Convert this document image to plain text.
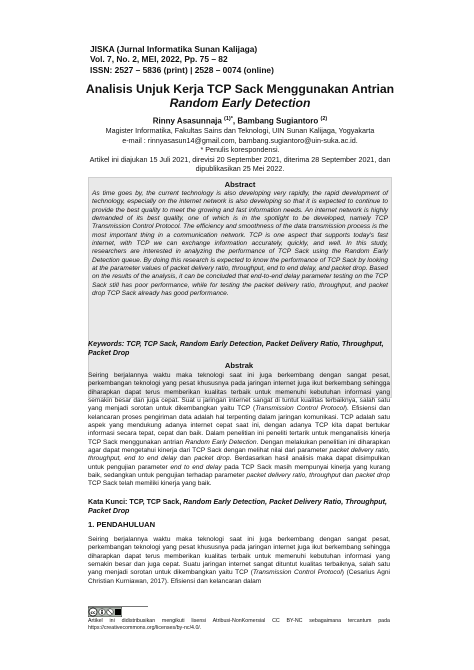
JISKA (Jurnal Informatika Sunan Kalijaga)
Vol. 7, No. 2, MEI, 2022, Pp. 75 – 82
ISSN: 2527 – 5836 (print) | 2528 – 0074 (online)
Analisis Unjuk Kerja TCP Sack Menggunakan Antrian Random Early Detection
Rinny Asasunnaja $^{(1)*}$, Bambang Sugiantoro $^{(2)}$
Magister Informatika, Fakultas Sains dan Teknologi, UIN Sunan Kalijaga, Yogyakarta
e-mail : rinnyasasun14@gmail.com, bambang.sugiantoro@uin-suka.ac.id.
* Penulis korespondensi.
Artikel ini diajukan 15 Juli 2021, direvisi 20 September 2021, diterima 28 September 2021, dan
dipublikasikan 25 Mei 2022.
Abstract
As time goes by, the current technology is also developing very rapidly, the rapid development of technology, especially on the internet network is also developing so that it is expected to continue to provide the best quality to meet the growing and fast information needs. An internet network is highly demanded of its best quality, one of which is in the spotlight to be developed, namely TCP Transmission Control Protocol. The efficiency and smoothness of the data transmission process is the most important thing in a communication network. TCP is one aspect that supports today's fast internet, with TCP we can exchange information accurately, quickly, and well. In this study, researchers are interested in analyzing the performance of TCP Sack using the Random Early Detection queue. By doing this research is expected to know the performance of TCP Sack by looking at the parameter values of packet delivery ratio, throughput, end to end delay, and packet drop. Based on the results of the analysis, it can be concluded that end-to-end delay parameter testing on the TCP Sack still has poor performance, while for testing the packet delivery ratio, throughput, and packet drop TCP Sack already has good performance.
Keywords: TCP, TCP Sack, Random Early Detection, Packet Delivery Ratio, Throughput, Packet Drop
Abstrak
Seiring berjalannya waktu maka teknologi saat ini juga berkembang dengan sangat pesat, perkembangan teknologi yang pesat khususnya pada jaringan internet juga ikut berkembang sehingga diharapkan dapat terus memberikan kualitas terbaik untuk memenuhi kebutuhan informasi yang semakin besar dan juga cepat. Suat u jaringan internet sangat di tuntut kualitas terbaiknya, salah satu yang menjadi sorotan untuk dikembangkan yaitu TCP (Transmission Control Protocol). Efisiensi dan kelancaran proses pengiriman data adalah hal terpenting dalam jaringan komunikasi. TCP adalah satu aspek yang mendukung adanya internet cepat saat ini, dengan adanya TCP kita dapat bertukar informasi secara tepat, cepat dan baik. Dalam penelitian ini peneliti tertarik untuk menganalisis kinerja TCP Sack menggunakan antrian Random Early Detection. Dengan melakukan penelitian ini diharapkan agar dapat mengetahui kinerja dari TCP Sack dengan melihat nilai dari parameter packet delivery ratio, throughput, end to end delay dan packet drop. Berdasarkan hasil analisis maka dapat disimpulkan untuk pengujian parameter end to end delay pada TCP Sack masih mempunyai kinerja yang kurang baik, sedangkan untuk pengujian terhadap parameter packet delivery ratio, throughput dan packet drop TCP Sack telah memiliki kinerja yang baik.
Kata Kunci: TCP, TCP Sack, Random Early Detection, Packet Delivery Ratio, Throughput, Packet Drop
1. PENDAHULUAN
Seiring berjalannya waktu maka teknologi saat ini juga berkembang dengan sangat pesat, perkembangan teknologi yang pesat khususnya pada jaringan internet juga ikut berkembang sehingga diharapkan dapat terus memberikan kualitas terbaik untuk memenuhi kebutuhan informasi yang semakin besar dan juga cepat. Suatu jaringan internet sangat dituntut kualitas terbaiknya, salah satu yang menjadi sorotan untuk dikembangkan yaitu TCP (Transmission Control Protocol) (Cesarius Agni Christian Kurniawan, 2017). Efisiensi dan kelancaran dalam
cc
Artikel ini didistribusikan mengikuti lisensi Atribusi-NonKomersial CC BY-NC sebagaimana tercantum pada https://creativecommons.org/licenses/by-nc/4.0/.
